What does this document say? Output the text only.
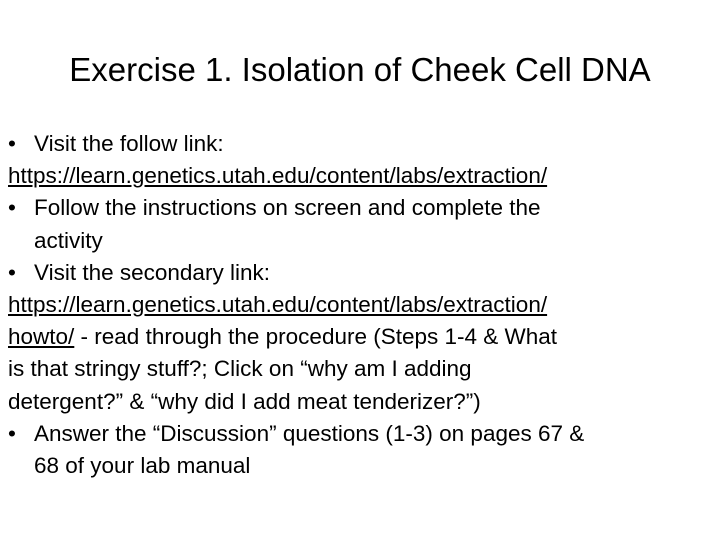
Exercise 1. Isolation of Cheek Cell DNA
• Visit the follow link:
https://learn.genetics.utah.edu/content/labs/extraction/
• Follow the instructions on screen and complete the
activity
• Visit the secondary link:
https://learn.genetics.utah.edu/content/labs/extraction/
howto/ - read through the procedure (Steps 1-4 & What
is that stringy stuff?; Click on “why am I adding
detergent?” & “why did I add meat tenderizer?”)
• Answer the “Discussion” questions (1-3) on pages 67 &
68 of your lab manual
